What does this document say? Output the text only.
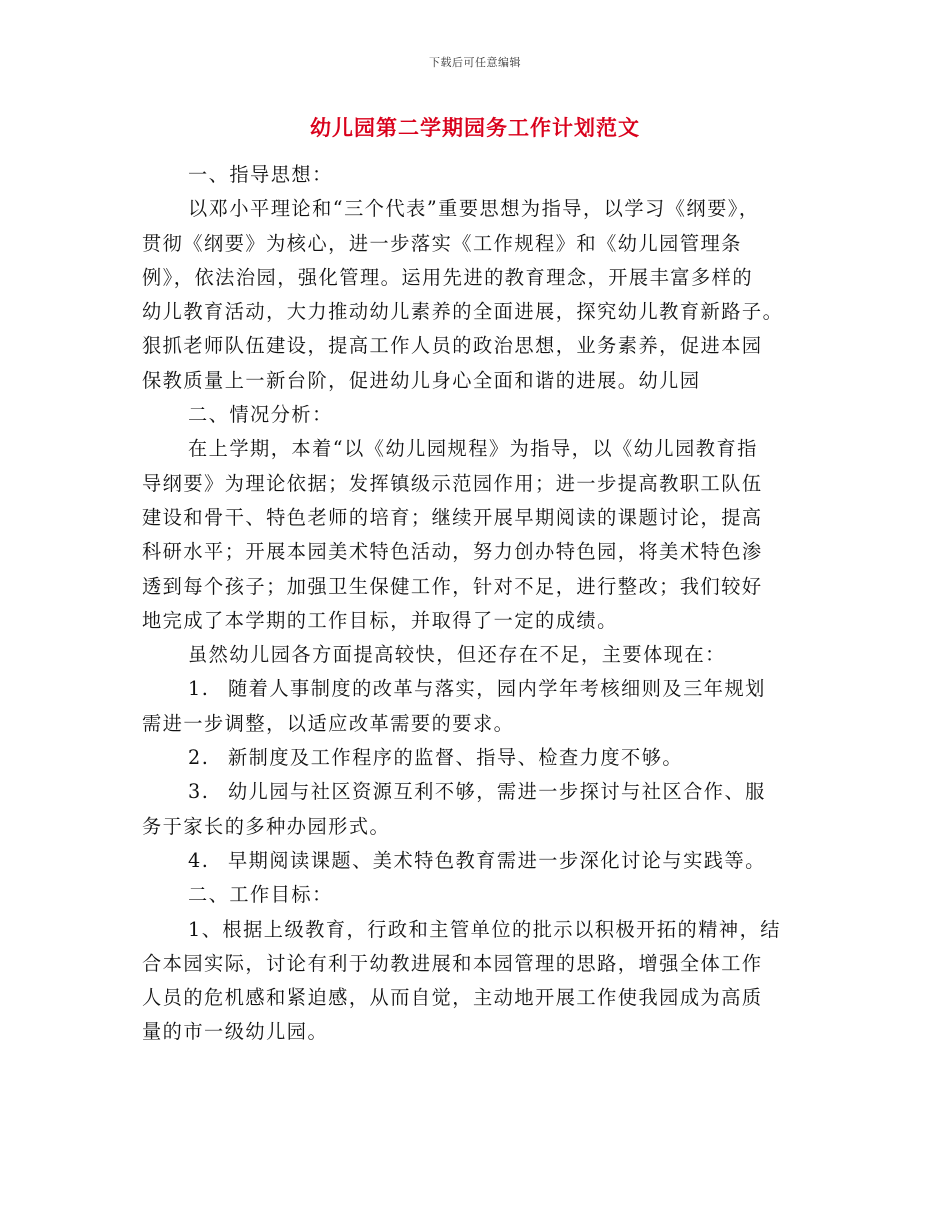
下载后可任意编辑
幼儿园第二学期园务工作计划范文

一、指导思想：

以邓小平理论和“三个代表”重要思想为指导，以学习《纲要》，
贯彻《纲要》为核心，进一步落实《工作规程》和《幼儿园管理条
例》，依法治园，强化管理。运用先进的教育理念，开展丰富多样的
幼儿教育活动，大力推动幼儿素养的全面进展，探究幼儿教育新路子。
狠抓老师队伍建设，提高工作人员的政治思想，业务素养，促进本园
保教质量上一新台阶，促进幼儿身心全面和谐的进展。幼儿园

二、情况分析：

在上学期，本着“以《幼儿园规程》为指导，以《幼儿园教育指
导纲要》为理论依据；发挥镇级示范园作用；进一步提高教职工队伍
建设和骨干、特色老师的培育；继续开展早期阅读的课题讨论，提高
科研水平；开展本园美术特色活动，努力创办特色园，将美术特色渗
透到每个孩子；加强卫生保健工作，针对不足，进行整改；我们较好
地完成了本学期的工作目标，并取得了一定的成绩。

虽然幼儿园各方面提高较快，但还存在不足，主要体现在：

1. 随着人事制度的改革与落实，园内学年考核细则及三年规划
需进一步调整，以适应改革需要的要求。

2. 新制度及工作程序的监督、指导、检查力度不够。

3. 幼儿园与社区资源互利不够，需进一步探讨与社区合作、服
务于家长的多种办园形式。

4. 早期阅读课题、美术特色教育需进一步深化讨论与实践等。

二、工作目标：

1、根据上级教育，行政和主管单位的批示以积极开拓的精神，结
合本园实际，讨论有利于幼教进展和本园管理的思路，增强全体工作
人员的危机感和紧迫感，从而自觉，主动地开展工作使我园成为高质
量的市一级幼儿园。
